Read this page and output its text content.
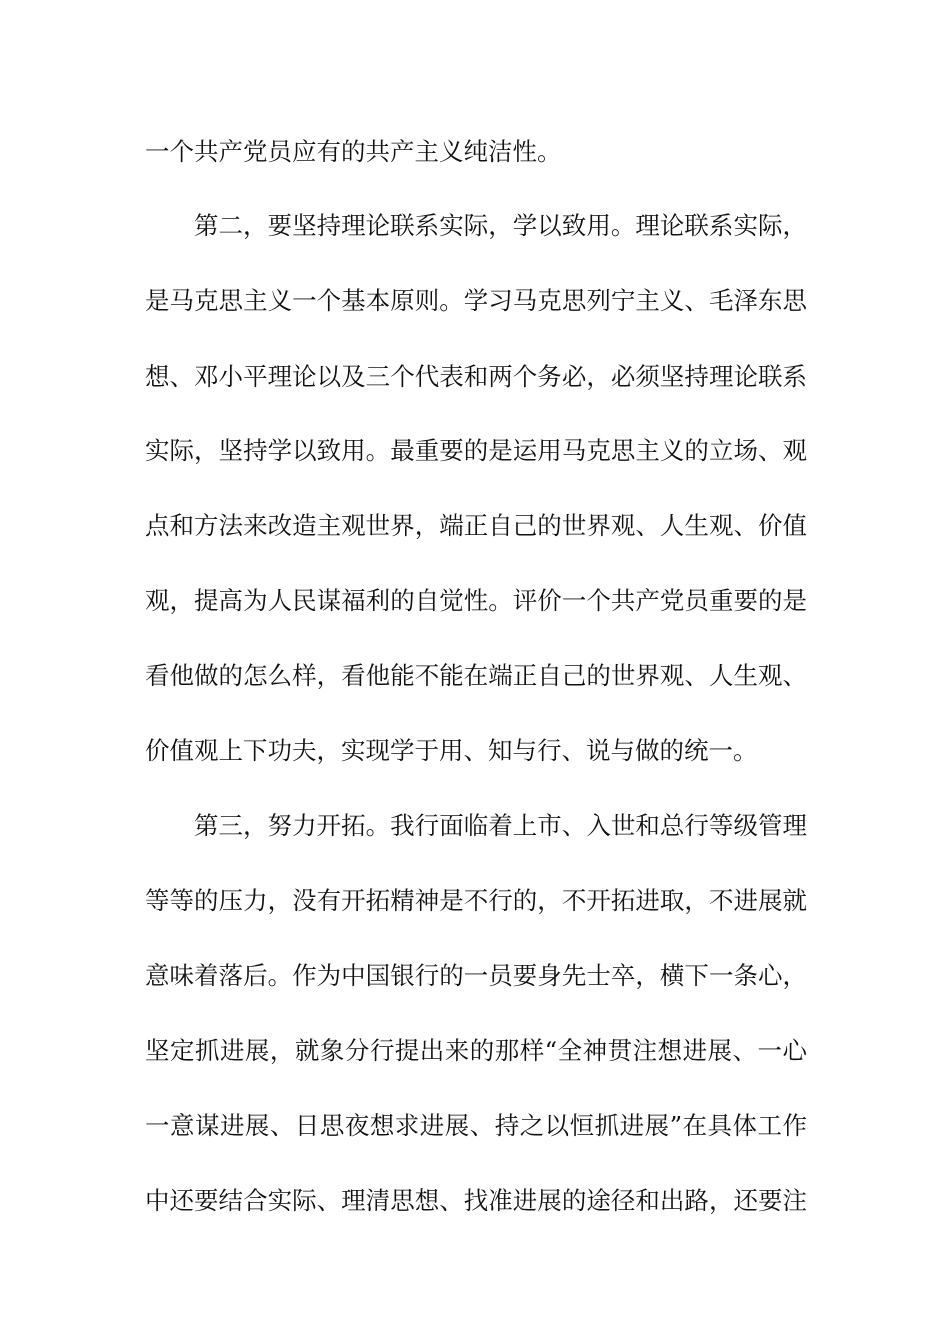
一个共产党员应有的共产主义纯洁性。
第二，要坚持理论联系实际，学以致用。理论联系实际，
是马克思主义一个基本原则。学习马克思列宁主义、毛泽东思
想、邓小平理论以及三个代表和两个务必，必须坚持理论联系
实际，坚持学以致用。最重要的是运用马克思主义的立场、观
点和方法来改造主观世界，端正自己的世界观、人生观、价值
观，提高为人民谋福利的自觉性。评价一个共产党员重要的是
看他做的怎么样，看他能不能在端正自己的世界观、人生观、
价值观上下功夫，实现学于用、知与行、说与做的统一。
第三，努力开拓。我行面临着上市、入世和总行等级管理
等等的压力，没有开拓精神是不行的，不开拓进取，不进展就
意味着落后。作为中国银行的一员要身先士卒，横下一条心，
坚定抓进展，就象分行提出来的那样“全神贯注想进展、一心
一意谋进展、日思夜想求进展、持之以恒抓进展”在具体工作
中还要结合实际、理清思想、找准进展的途径和出路，还要注
